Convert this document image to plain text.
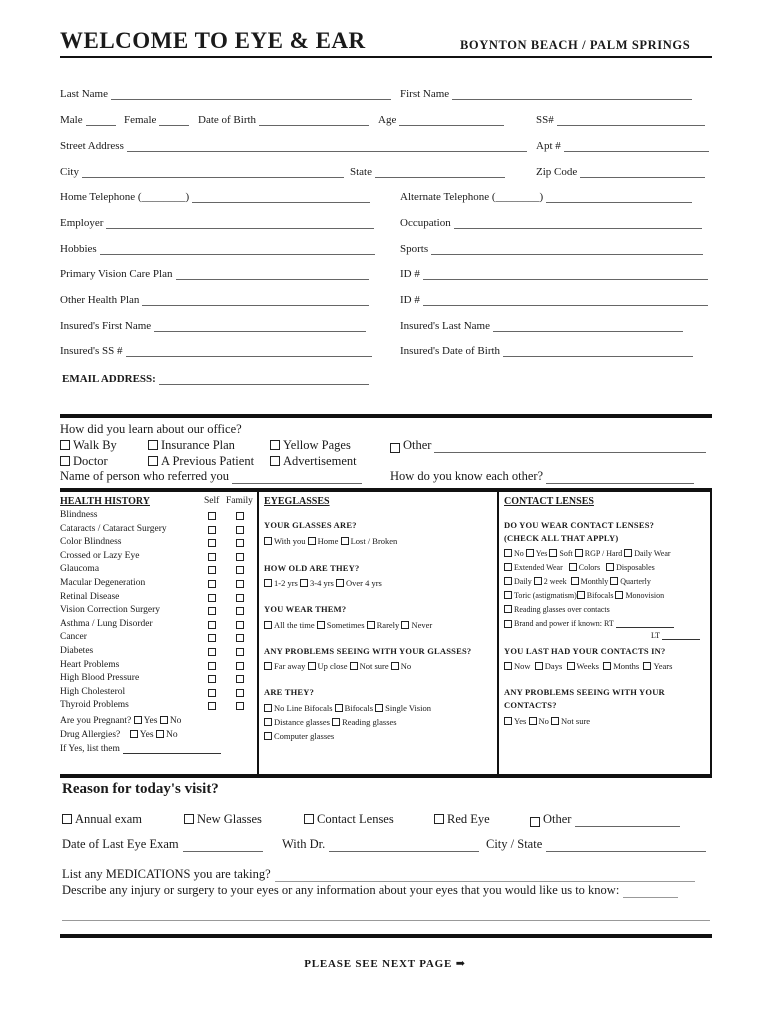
WELCOME TO EYE & EAR	BOYNTON BEACH / PALM SPRINGS
Last Name	First Name
Male	Female	Date of Birth	Age	SS#
Street Address	Apt #
City	State	Zip Code
Home Telephone (________)	Alternate Telephone (________)
Employer	Occupation
Hobbies	Sports
Primary Vision Care Plan	ID #
Other Health Plan	ID #
Insured's First Name	Insured's Last Name
Insured's SS #	Insured's Date of Birth
EMAIL ADDRESS:
How did you learn about our office?
Walk By	Insurance Plan	Yellow Pages	Other
Doctor	A Previous Patient	Advertisement
Name of person who referred you	How do you know each other?
HEALTH HISTORY	Self Family
Blindness
Cataracts / Cataract Surgery
Color Blindness
Crossed or Lazy Eye
Glaucoma
Macular Degeneration
Retinal Disease
Vision Correction Surgery
Asthma / Lung Disorder
Cancer
Diabetes
Heart Problems
High Blood Pressure
High Cholesterol
Thyroid Problems
Are you Pregnant? Yes No
Drug Allergies? Yes No
If Yes, list them
EYEGLASSES
YOUR GLASSES ARE?
With you Home Lost / Broken
HOW OLD ARE THEY?
1-2 yrs 3-4 yrs Over 4 yrs
YOU WEAR THEM?
All the time Sometimes Rarely Never
ANY PROBLEMS SEEING WITH YOUR GLASSES?
Far away Up close Not sure No
ARE THEY?
No Line Bifocals Bifocals Single Vision
Distance glasses Reading glasses
Computer glasses
CONTACT LENSES
DO YOU WEAR CONTACT LENSES?
(CHECK ALL THAT APPLY)
No Yes Soft RGP / Hard Daily Wear
Extended Wear Colors Disposables
Daily 2 week Monthly Quarterly
Toric (astigmatism) Bifocals Monovision
Reading glasses over contacts
Brand and power if known: RT
LT
YOU LAST HAD YOUR CONTACTS IN?
Now Days Weeks Months Years
ANY PROBLEMS SEEING WITH YOUR
CONTACTS?
Yes No Not sure
Reason for today's visit?
Annual exam	New Glasses	Contact Lenses	Red Eye	Other
Date of Last Eye Exam	With Dr.	City / State
List any MEDICATIONS you are taking?
Describe any injury or surgery to your eyes or any information about your eyes that you would like us to know:
PLEASE SEE NEXT PAGE ➡
